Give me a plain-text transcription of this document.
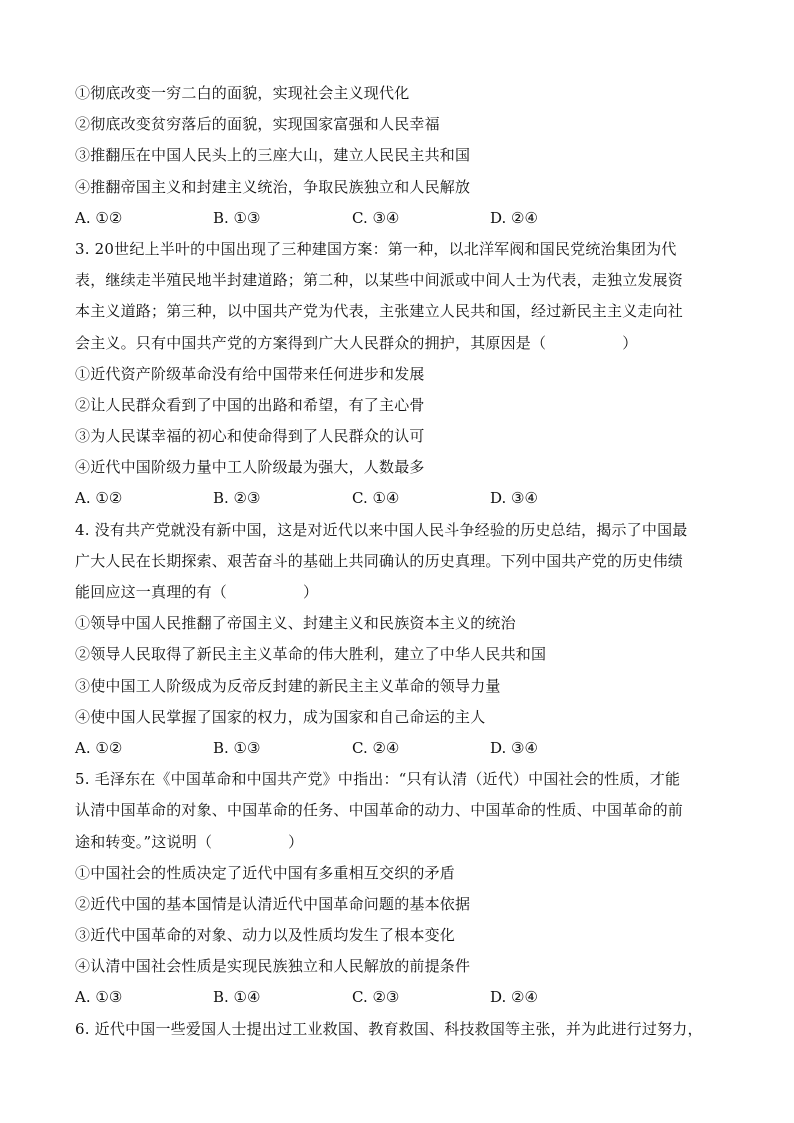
①彻底改变一穷二白的面貌，实现社会主义现代化
②彻底改变贫穷落后的面貌，实现国家富强和人民幸福
③推翻压在中国人民头上的三座大山，建立人民民主共和国
④推翻帝国主义和封建主义统治，争取民族独立和人民解放
A. ①②	B. ①③	C. ③④	D. ②④
3. 20世纪上半叶的中国出现了三种建国方案：第一种，以北洋军阀和国民党统治集团为代
表，继续走半殖民地半封建道路；第二种，以某些中间派或中间人士为代表，走独立发展资
本主义道路；第三种，以中国共产党为代表，主张建立人民共和国，经过新民主主义走向社
会主义。只有中国共产党的方案得到广大人民群众的拥护，其原因是（　　　　　）
①近代资产阶级革命没有给中国带来任何进步和发展
②让人民群众看到了中国的出路和希望，有了主心骨
③为人民谋幸福的初心和使命得到了人民群众的认可
④近代中国阶级力量中工人阶级最为强大，人数最多
A. ①②	B. ②③	C. ①④	D. ③④
4. 没有共产党就没有新中国，这是对近代以来中国人民斗争经验的历史总结，揭示了中国最
广大人民在长期探索、艰苦奋斗的基础上共同确认的历史真理。下列中国共产党的历史伟绩
能回应这一真理的有（　　　　　）
①领导中国人民推翻了帝国主义、封建主义和民族资本主义的统治
②领导人民取得了新民主主义革命的伟大胜利，建立了中华人民共和国
③使中国工人阶级成为反帝反封建的新民主主义革命的领导力量
④使中国人民掌握了国家的权力，成为国家和自己命运的主人
A. ①②	B. ①③	C. ②④	D. ③④
5. 毛泽东在《中国革命和中国共产党》中指出：“只有认清（近代）中国社会的性质，才能
认清中国革命的对象、中国革命的任务、中国革命的动力、中国革命的性质、中国革命的前
途和转变。”这说明（　　　　　）
①中国社会的性质决定了近代中国有多重相互交织的矛盾
②近代中国的基本国情是认清近代中国革命问题的基本依据
③近代中国革命的对象、动力以及性质均发生了根本变化
④认清中国社会性质是实现民族独立和人民解放的前提条件
A. ①③	B. ①④	C. ②③	D. ②④
6. 近代中国一些爱国人士提出过工业救国、教育救国、科技救国等主张，并为此进行过努力，
